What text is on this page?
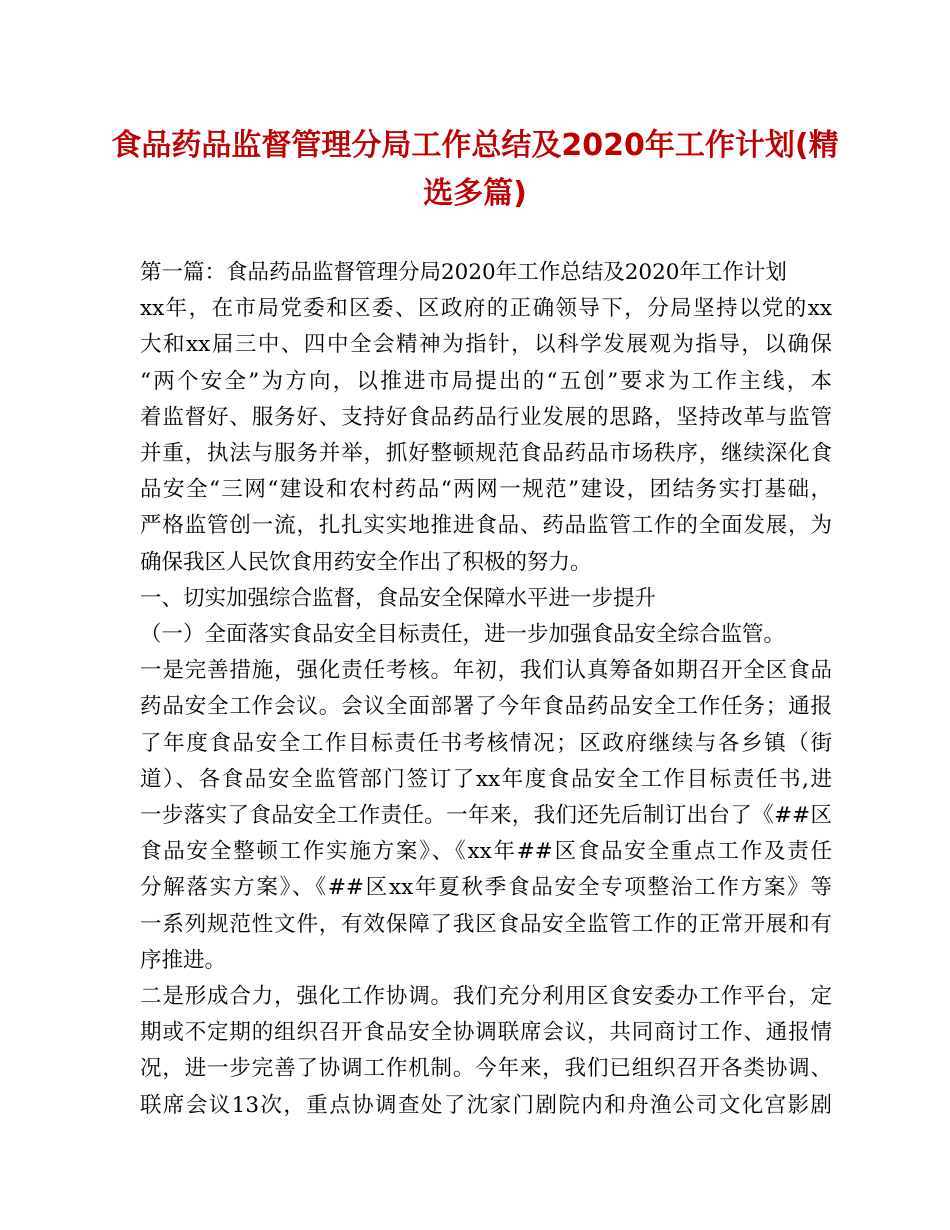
食品药品监督管理分局工作总结及2020年工作计划(精
选多篇)
第一篇：食品药品监督管理分局2020年工作总结及2020年工作计划
xx年，在市局党委和区委、区政府的正确领导下，分局坚持以党的xx
大和xx届三中、四中全会精神为指针，以科学发展观为指导，以确保
“两个安全”为方向，以推进市局提出的“五创”要求为工作主线，本
着监督好、服务好、支持好食品药品行业发展的思路，坚持改革与监管
并重，执法与服务并举，抓好整顿规范食品药品市场秩序，继续深化食
品安全“三网“建设和农村药品“两网一规范”建设，团结务实打基础，
严格监管创一流，扎扎实实地推进食品、药品监管工作的全面发展，为
确保我区人民饮食用药安全作出了积极的努力。
一、切实加强综合监督，食品安全保障水平进一步提升
（一）全面落实食品安全目标责任，进一步加强食品安全综合监管。
一是完善措施，强化责任考核。年初，我们认真筹备如期召开全区食品
药品安全工作会议。会议全面部署了今年食品药品安全工作任务；通报
了年度食品安全工作目标责任书考核情况；区政府继续与各乡镇（街
道）、各食品安全监管部门签订了xx年度食品安全工作目标责任书,进
一步落实了食品安全工作责任。一年来，我们还先后制订出台了《##区
食品安全整顿工作实施方案》、《xx年##区食品安全重点工作及责任
分解落实方案》、《##区xx年夏秋季食品安全专项整治工作方案》等
一系列规范性文件，有效保障了我区食品安全监管工作的正常开展和有
序推进。
二是形成合力，强化工作协调。我们充分利用区食安委办工作平台，定
期或不定期的组织召开食品安全协调联席会议，共同商讨工作、通报情
况，进一步完善了协调工作机制。今年来，我们已组织召开各类协调、
联席会议13次，重点协调查处了沈家门剧院内和舟渔公司文化宫影剧
